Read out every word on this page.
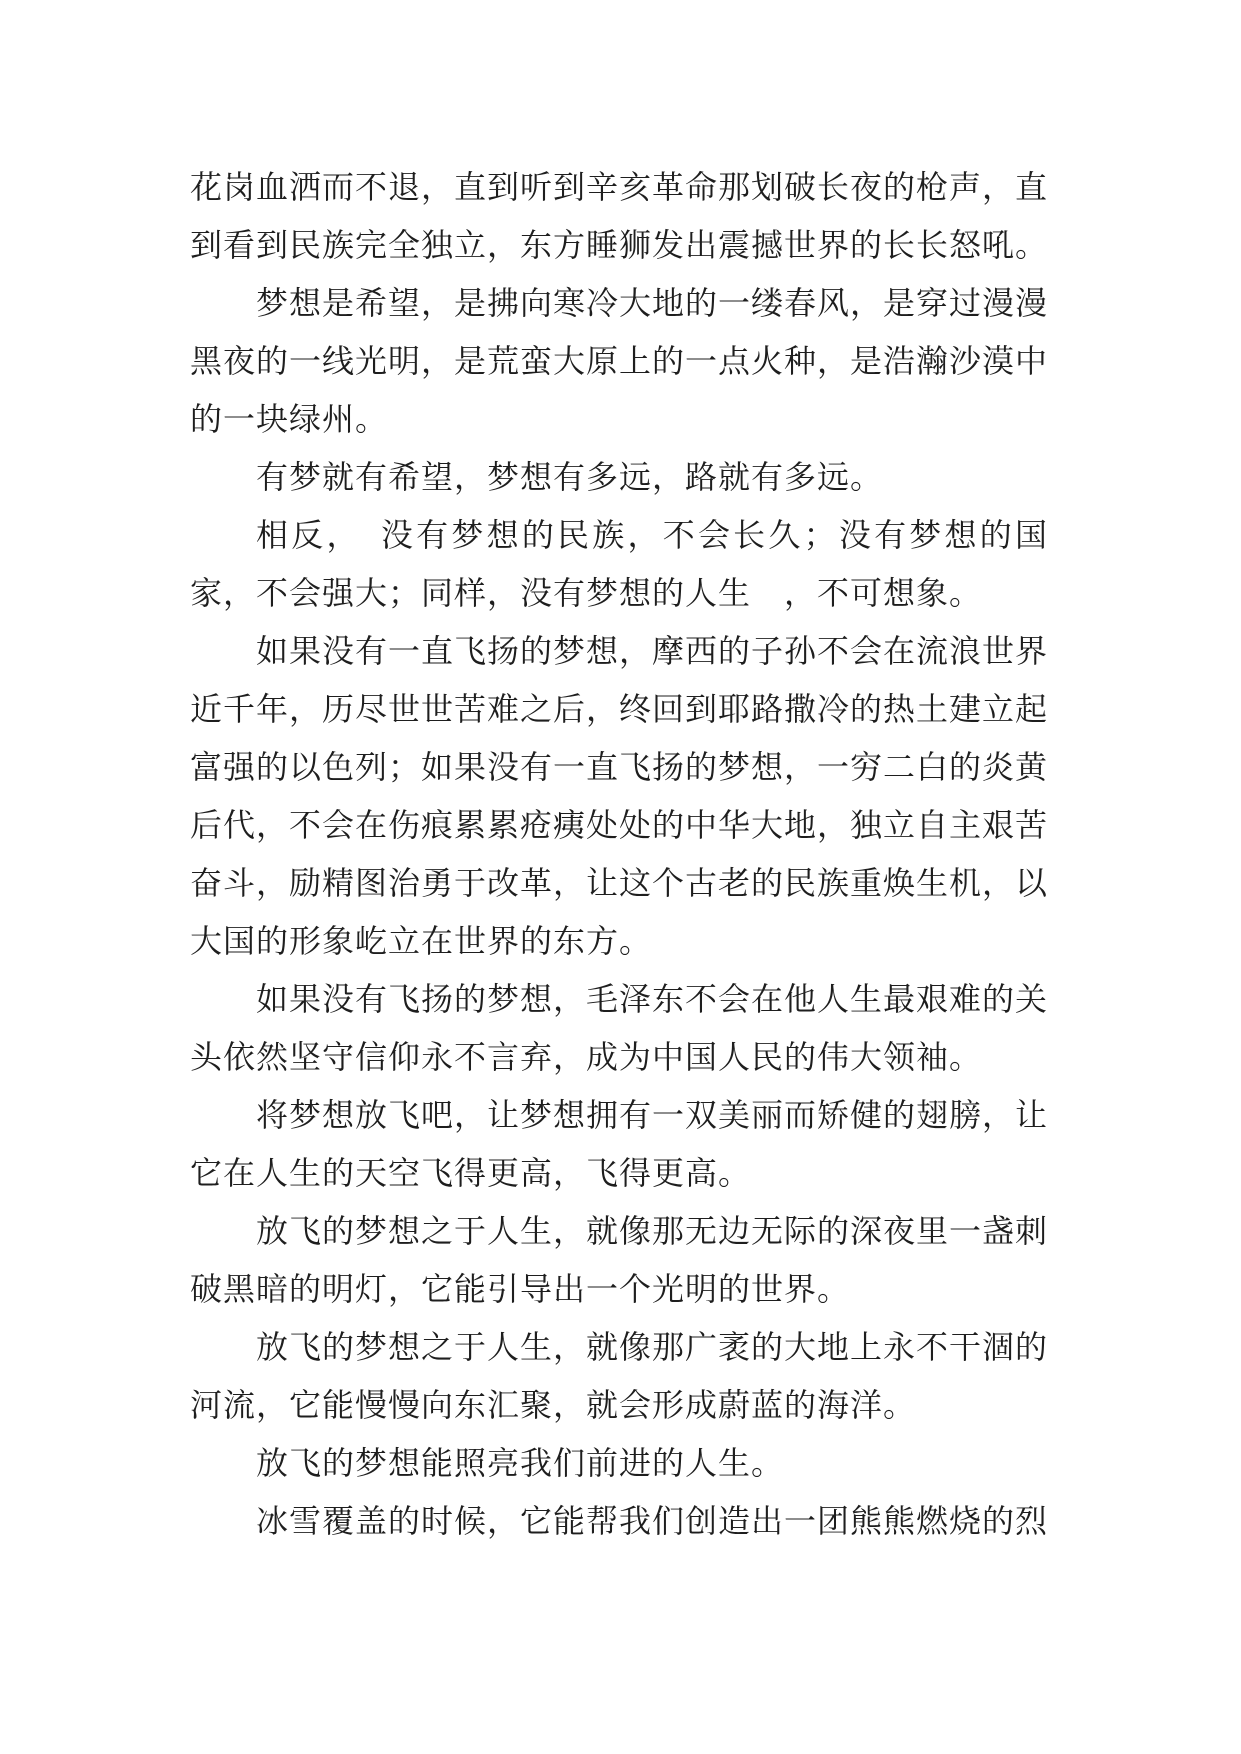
花岗血洒而不退，直到听到辛亥革命那划破长夜的枪声，直到看到民族完全独立，东方睡狮发出震撼世界的长长怒吼。

梦想是希望，是拂向寒冷大地的一缕春风，是穿过漫漫黑夜的一线光明，是荒蛮大原上的一点火种，是浩瀚沙漠中的一块绿州。

有梦就有希望，梦想有多远，路就有多远。

相反，　没有梦想的民族，不会长久；没有梦想的国家，不会强大；同样，没有梦想的人生　，不可想象。

如果没有一直飞扬的梦想，摩西的子孙不会在流浪世界近千年，历尽世世苦难之后，终回到耶路撒冷的热土建立起富强的以色列；如果没有一直飞扬的梦想，一穷二白的炎黄后代，不会在伤痕累累疮痍处处的中华大地，独立自主艰苦奋斗，励精图治勇于改革，让这个古老的民族重焕生机，以大国的形象屹立在世界的东方。

如果没有飞扬的梦想，毛泽东不会在他人生最艰难的关头依然坚守信仰永不言弃，成为中国人民的伟大领袖。

将梦想放飞吧，让梦想拥有一双美丽而矫健的翅膀，让它在人生的天空飞得更高，飞得更高。

放飞的梦想之于人生，就像那无边无际的深夜里一盏刺破黑暗的明灯，它能引导出一个光明的世界。

放飞的梦想之于人生，就像那广袤的大地上永不干涸的河流，它能慢慢向东汇聚，就会形成蔚蓝的海洋。

放飞的梦想能照亮我们前进的人生。

冰雪覆盖的时候，它能帮我们创造出一团熊熊燃烧的烈
